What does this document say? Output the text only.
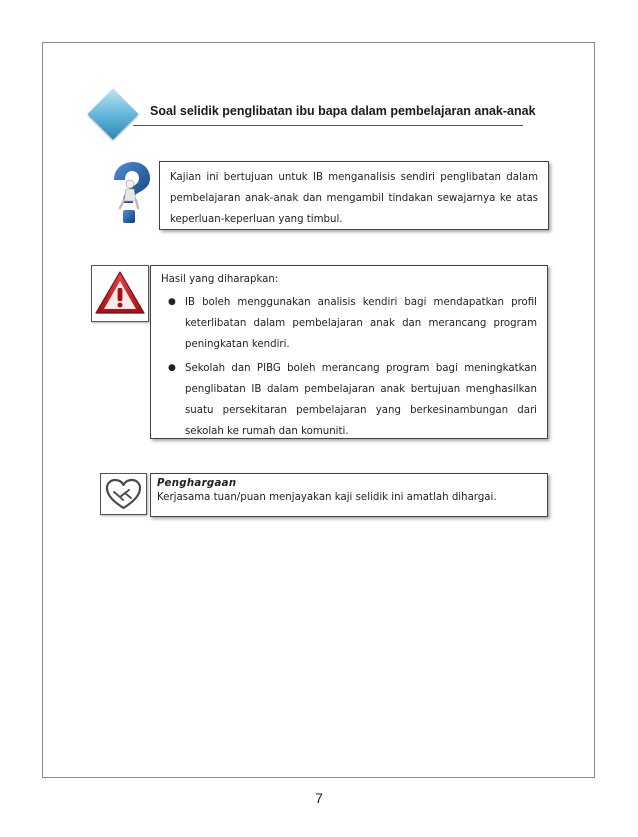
Soal selidik penglibatan ibu bapa dalam pembelajaran anak-anak

Kajian ini bertujuan untuk IB menganalisis sendiri penglibatan dalam pembelajaran anak-anak dan mengambil tindakan sewajarnya ke atas keperluan-keperluan yang timbul.

Hasil yang diharapkan:

● IB boleh menggunakan analisis kendiri bagi mendapatkan profil keterlibatan dalam pembelajaran anak dan merancang program peningkatan kendiri.
● Sekolah dan PIBG boleh merancang program bagi meningkatkan penglibatan IB dalam pembelajaran anak bertujuan menghasilkan suatu persekitaran pembelajaran yang berkesinambungan dari sekolah ke rumah dan komuniti.
Penghargaan
Kerjasama tuan/puan menjayakan kaji selidik ini amatlah dihargai.
7
